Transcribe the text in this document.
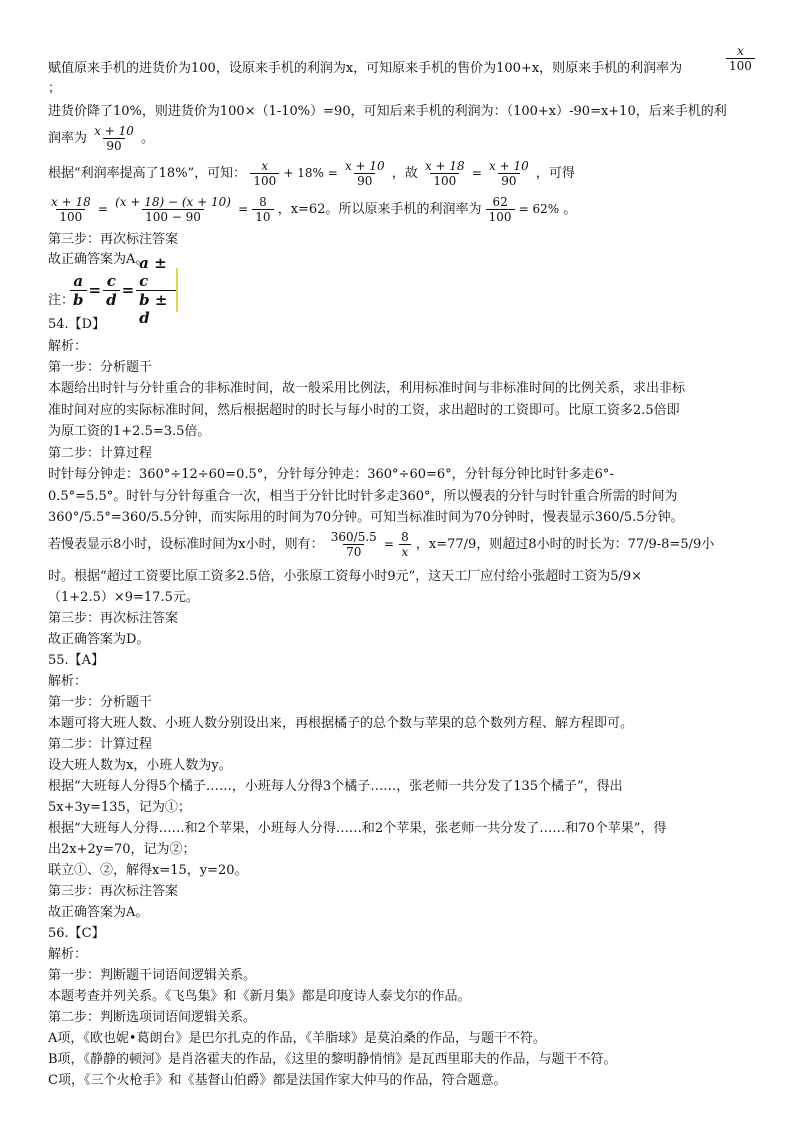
赋值原来手机的进货价为100，设原来手机的利润为x，可知原来手机的售价为100+x，则原来手机的利润率为	$\frac{x}{100}$
；
进货价降了10%，则进货价为100×（1-10%）=90，可知后来手机的利润为：（100+x）-90=x+10，后来手机的利
润率为 $\frac{x + 10}{90}$ 。
根据“利润率提高了18%”，可知： $\frac{x}{100} + 18\% = \frac{x + 10}{90}$ ，故 $\frac{x + 18}{100} = \frac{x + 10}{90}$ ，可得
$\frac{x + 18}{100} = \frac{(x + 18) - (x + 10)}{100 - 90} = \frac{8}{10}$ ，x=62。所以原来手机的利润率为 $\frac{62}{100} = 62\%$ 。
第三步：再次标注答案
故正确答案为A。
注：
$\frac{a}{b} = \frac{c}{d} = \frac{a \pm c}{b \pm d}$
54.【D】
解析：
第一步：分析题干
本题给出时针与分针重合的非标准时间，故一般采用比例法，利用标准时间与非标准时间的比例关系，求出非标
准时间对应的实际标准时间，然后根据超时的时长与每小时的工资，求出超时的工资即可。比原工资多2.5倍即
为原工资的1+2.5=3.5倍。
第二步：计算过程
时针每分钟走：360°÷12÷60=0.5°，分针每分钟走：360°÷60=6°，分针每分钟比时针多走6°-
0.5°=5.5°。时针与分针每重合一次，相当于分针比时针多走360°，所以慢表的分针与时针重合所需的时间为
360°/5.5°=360/5.5分钟，而实际用的时间为70分钟。可知当标准时间为70分钟时，慢表显示360/5.5分钟。
若慢表显示8小时，设标准时间为x小时，则有： $\frac{360/5.5}{70} = \frac{8}{x}$ ，x=77/9，则超过8小时的时长为：77/9-8=5/9小
时。根据“超过工资要比原工资多2.5倍，小张原工资每小时9元”，这天工厂应付给小张超时工资为5/9×
（1+2.5）×9=17.5元。
第三步：再次标注答案
故正确答案为D。
55.【A】
解析：
第一步：分析题干
本题可将大班人数、小班人数分别设出来，再根据橘子的总个数与苹果的总个数列方程、解方程即可。
第二步：计算过程
设大班人数为x，小班人数为y。
根据“大班每人分得5个橘子……，小班每人分得3个橘子……，张老师一共分发了135个橘子”，得出
5x+3y=135，记为①；
根据“大班每人分得……和2个苹果，小班每人分得……和2个苹果，张老师一共分发了……和70个苹果”，得
出2x+2y=70，记为②；
联立①、②，解得x=15，y=20。
第三步：再次标注答案
故正确答案为A。
56.【C】
解析：
第一步：判断题干词语间逻辑关系。
本题考查并列关系。《飞鸟集》和《新月集》都是印度诗人泰戈尔的作品。
第二步：判断选项词语间逻辑关系。
A项，《欧也妮•葛朗台》是巴尔扎克的作品，《羊脂球》是莫泊桑的作品，与题干不符。
B项，《静静的顿河》是肖洛霍夫的作品，《这里的黎明静悄悄》是瓦西里耶夫的作品，与题干不符。
C项，《三个火枪手》和《基督山伯爵》都是法国作家大仲马的作品，符合题意。
